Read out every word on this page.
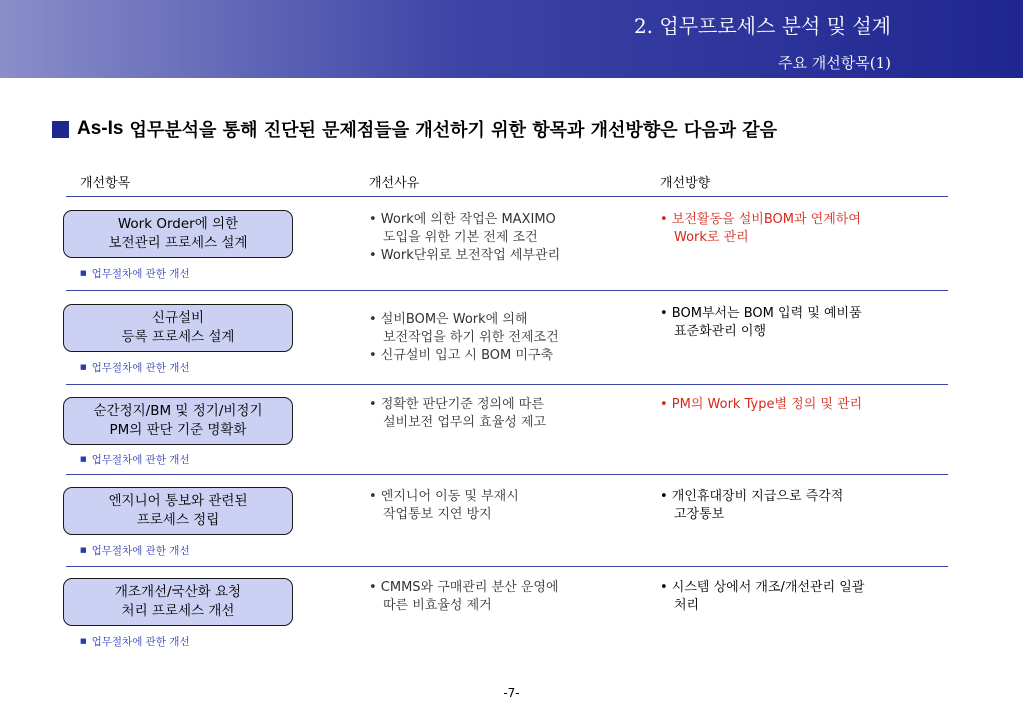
2. 업무프로세스 분석 및 설계
주요 개선항목(1)
As-Is 업무분석을 통해 진단된 문제점들을 개선하기 위한 항목과 개선방향은 다음과 같음
개선항목	개선사유	개선방향
Work Order에 의한
보전관리 프로세스 설계
■ 업무절차에 관한 개선
• Work에 의한 작업은 MAXIMO
도입을 위한 기본 전제 조건
• Work단위로 보전작업 세부관리
• 보전활동을 설비BOM과 연계하여
Work로 관리
신규설비
등록 프로세스 설계
■ 업무절차에 관한 개선
• 설비BOM은 Work에 의해
보전작업을 하기 위한 전제조건
• 신규설비 입고 시 BOM 미구축
• BOM부서는 BOM 입력 및 예비품
표준화관리 이행
순간정지/BM 및 정기/비정기
PM의 판단 기준 명확화
■ 업무절차에 관한 개선
• 정확한 판단기준 정의에 따른
설비보전 업무의 효율성 제고
• PM의 Work Type별 정의 및 관리
엔지니어 통보와 관련된
프로세스 정립
■ 업무절차에 관한 개선
• 엔지니어 이동 및 부재시
작업통보 지연 방지
• 개인휴대장비 지급으로 즉각적
고장통보
개조개선/국산화 요청
처리 프로세스 개선
■ 업무절차에 관한 개선
• CMMS와 구매관리 분산 운영에
따른 비효율성 제거
• 시스템 상에서 개조/개선관리 일괄
처리
-7-
